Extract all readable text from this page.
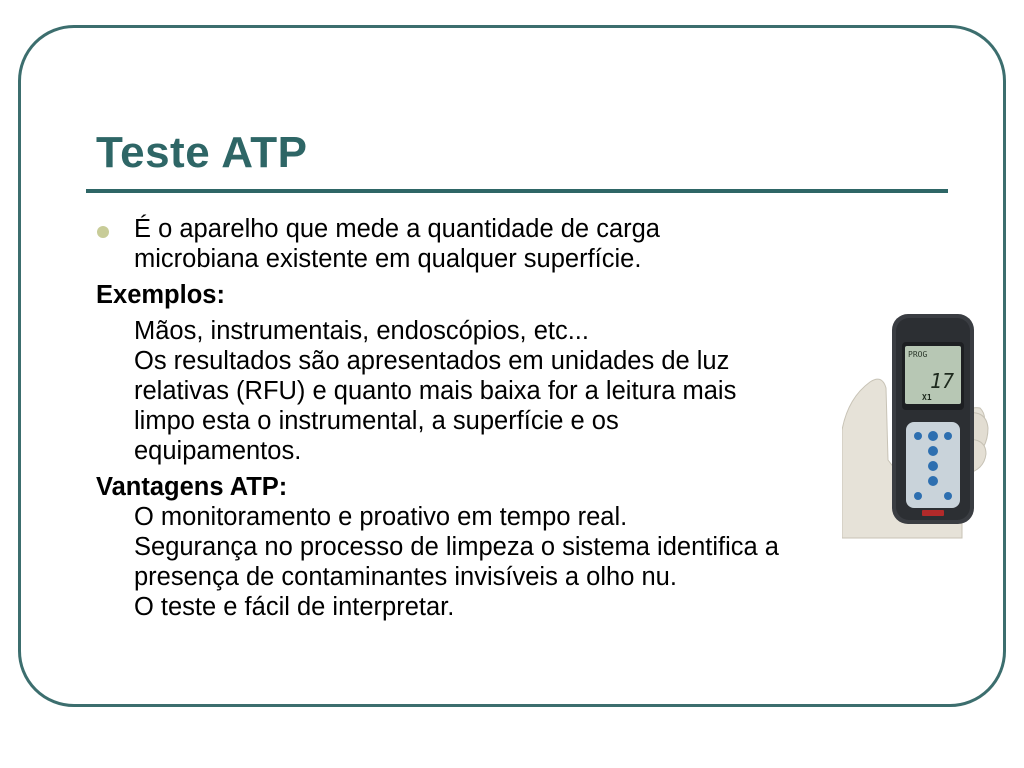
Teste ATP
É o aparelho que mede a quantidade de carga
microbiana existente em qualquer superfície.
Exemplos:
Mãos, instrumentais, endoscópios, etc...
Os resultados são apresentados em unidades de luz
relativas (RFU) e quanto mais baixa for a leitura mais
limpo esta o instrumental, a superfície e os
equipamentos.
Vantagens ATP:
O monitoramento e proativo em tempo real.
Segurança no processo de limpeza o sistema identifica a
presença de contaminantes invisíveis a olho nu.
O teste e fácil de interpretar.
PROG
17
X1
